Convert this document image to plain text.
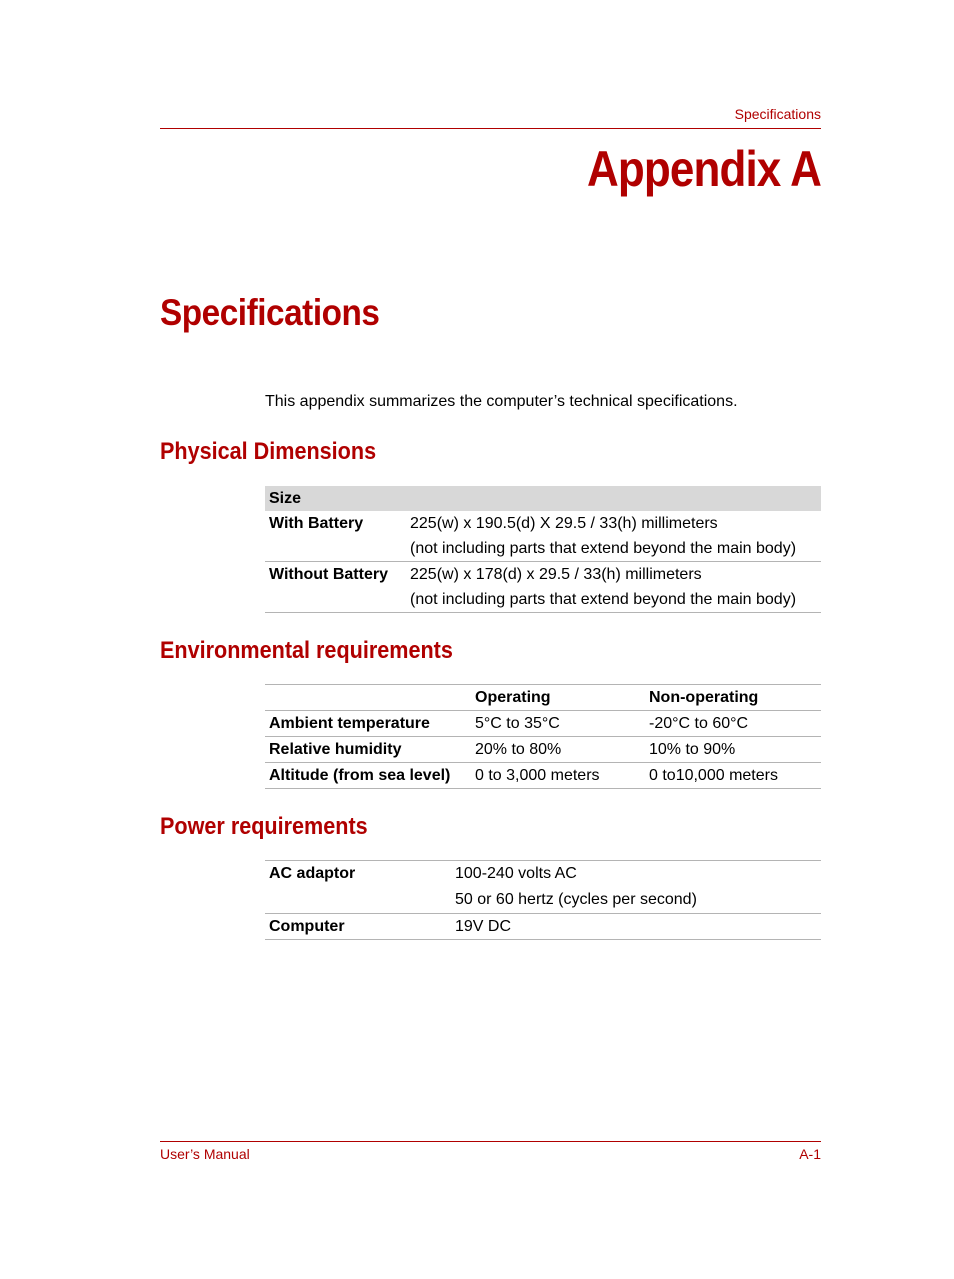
Specifications
Appendix A
Specifications

This appendix summarizes the computer’s technical specifications.

Physical Dimensions
Size
With Battery	225(w) x 190.5(d) X 29.5 / 33(h) millimeters
(not including parts that extend beyond the main body)
Without Battery 225(w) x 178(d) x 29.5 / 33(h) millimeters
(not including parts that extend beyond the main body)
Environmental requirements
Operating	Non-operating
Ambient temperature	5°C to 35°C	-20°C to 60°C
Relative humidity	20% to 80%	10% to 90%
Altitude (from sea level) 0 to 3,000 meters	0 to10,000 meters
Power requirements
AC adaptor	100-240 volts AC
50 or 60 hertz (cycles per second)
Computer	19V DC
User’s Manual	A-1
